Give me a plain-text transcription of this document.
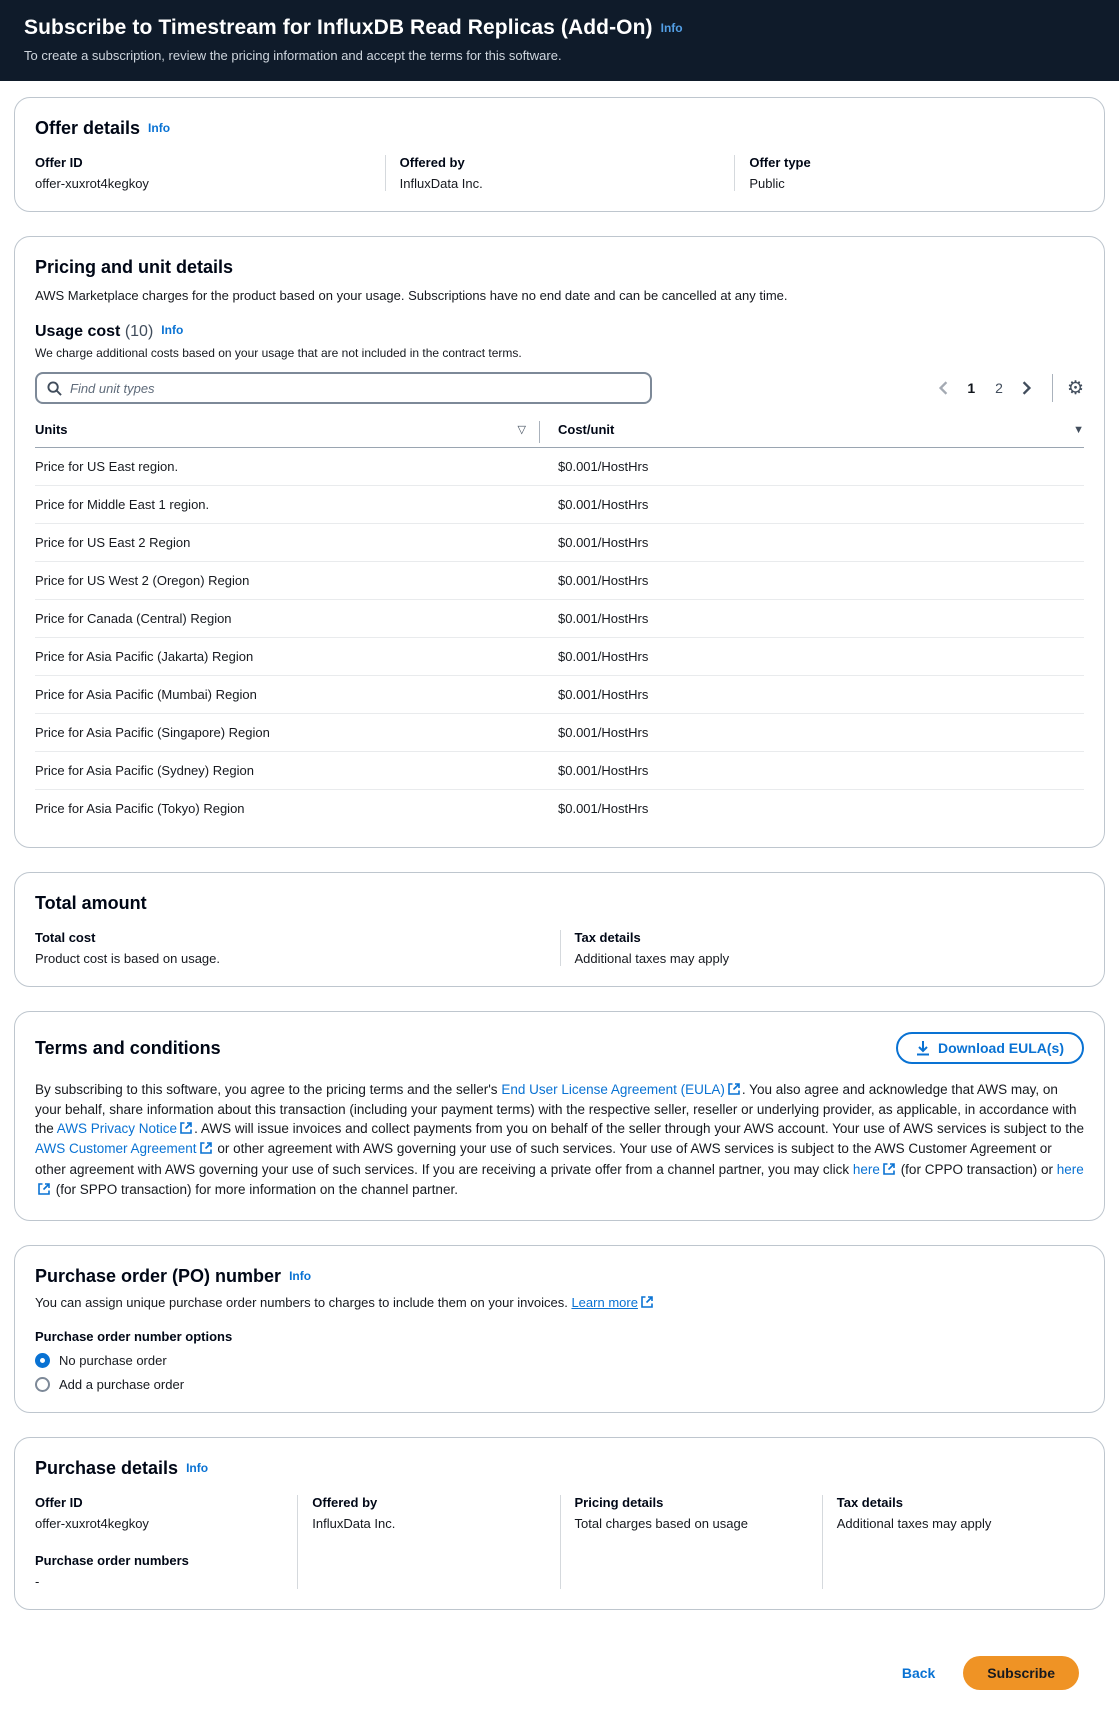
Subscribe to Timestream for InfluxDB Read Replicas (Add-On) Info

To create a subscription, review the pricing information and accept the terms for this software.

Offer details Info
Offer ID
offer-xuxrot4kegkoy
Offered by
InfluxData Inc.
Offer type
Public
Pricing and unit details

AWS Marketplace charges for the product based on your usage. Subscriptions have no end date and can be cancelled at any time.

Usage cost (10) Info

We charge additional costs based on your usage that are not included in the contract terms.

Find unit types
1	2	⚙
Units	▽ Cost/unit	▼
Price for US East region.	$0.001/HostHrs
Price for Middle East 1 region.	$0.001/HostHrs
Price for US East 2 Region	$0.001/HostHrs
Price for US West 2 (Oregon) Region	$0.001/HostHrs
Price for Canada (Central) Region	$0.001/HostHrs
Price for Asia Pacific (Jakarta) Region	$0.001/HostHrs
Price for Asia Pacific (Mumbai) Region	$0.001/HostHrs
Price for Asia Pacific (Singapore) Region	$0.001/HostHrs
Price for Asia Pacific (Sydney) Region	$0.001/HostHrs
Price for Asia Pacific (Tokyo) Region	$0.001/HostHrs
Total amount
Total cost
Product cost is based on usage.
Tax details
Additional taxes may apply
Terms and conditions	Download EULA(s)

By subscribing to this software, you agree to the pricing terms and the seller's End User License Agreement (EULA) . You also agree and acknowledge that AWS may, on your behalf, share information about this transaction (including your payment terms) with the respective seller, reseller or underlying provider, as applicable, in accordance with the AWS Privacy Notice . AWS will issue invoices and collect payments from you on behalf of the seller through your AWS account. Your use of AWS services is subject to the AWS Customer Agreement or other agreement with AWS governing your use of such services. Your use of AWS services is subject to the AWS Customer Agreement or other agreement with AWS governing your use of such services. If you are receiving a private offer from a channel partner, you may click here (for CPPO transaction) or here (for SPPO transaction) for more information on the channel partner.

Purchase order (PO) number Info

You can assign unique purchase order numbers to charges to include them on your invoices. Learn more

Purchase order number options
No purchase order
Add a purchase order
Purchase details Info
Offer ID
offer-xuxrot4kegkoy
Purchase order numbers
-
Offered by
InfluxData Inc.
Pricing details
Total charges based on usage
Tax details
Additional taxes may apply
Back	Subscribe
